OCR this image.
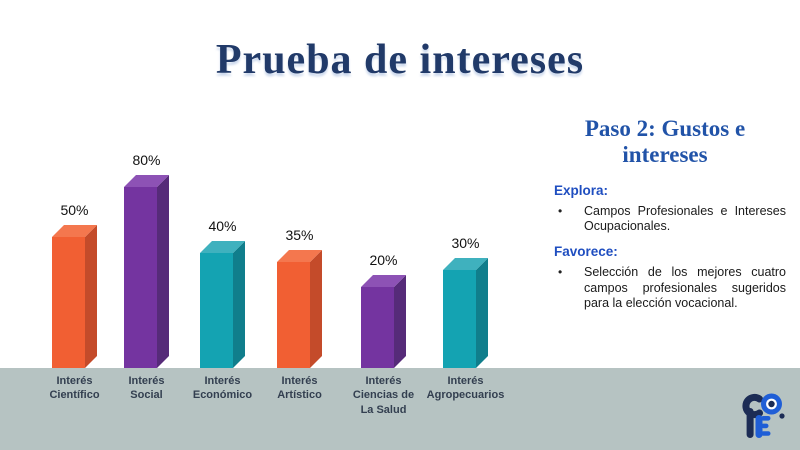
Prueba de intereses
50%
80%
40%
35%
20%
30%
Interés
Científico
Interés
Social
Interés
Económico
Interés
Artístico
Interés
Ciencias de
La Salud
Interés
Agropecuarios
Paso 2: Gustos e intereses
Explora:
•	Campos Profesionales e Intereses Ocupacionales.
Favorece:
•	Selección de los mejores cuatro campos profesionales sugeridos para la elección vocacional.
